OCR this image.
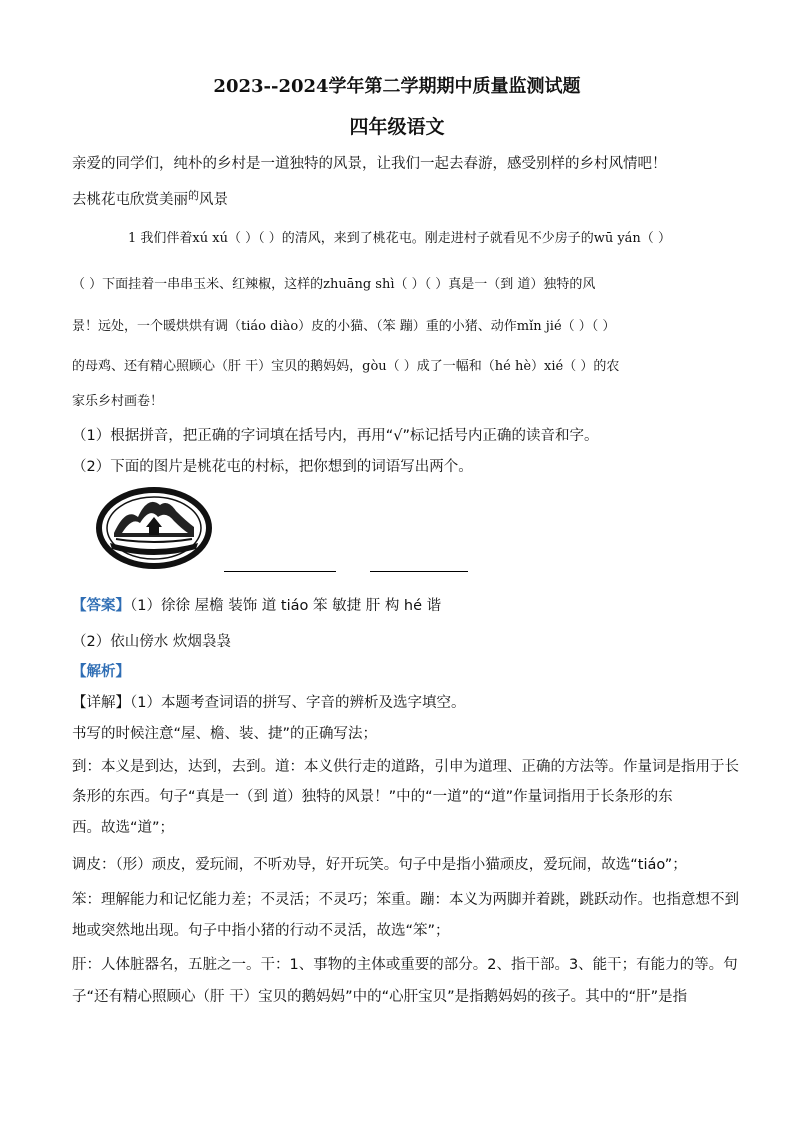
2023--2024学年第二学期期中质量监测试题
四年级语文

亲爱的同学们，纯朴的乡村是一道独特的风景，让我们一起去春游，感受别样的乡村风情吧！

去桃花屯欣赏美丽$^的$风景

1 我们伴着xú xú（ ）（ ）的清风，来到了桃花屯。刚走进村子就看见不少房子的wū yán（ ）

（ ）下面挂着一串串玉米、红辣椒，这样的zhuāng shì（ ）（ ）真是一（到 道）独特的风

景！远处，一个暖烘烘有调（tiáo diào）皮的小猫、（笨 蹦）重的小猪、动作mǐn jié（ ）（ ）

的母鸡、还有精心照顾心（肝 干）宝贝的鹅妈妈，gòu（ ）成了一幅和（hé hè）xié（ ）的农

家乐乡村画卷！

（1）根据拼音，把正确的字词填在括号内，再用“√”标记括号内正确的读音和字。

（2）下面的图片是桃花屯的村标，把你想到的词语写出两个。

【答案】（1）徐徐 屋檐 装饰 道 tiáo 笨 敏捷 肝 构 hé 谐

（2）依山傍水 炊烟袅袅

【解析】

【详解】（1）本题考查词语的拼写、字音的辨析及选字填空。

书写的时候注意“屋、檐、装、捷”的正确写法；

到：本义是到达，达到，去到。道：本义供行走的道路，引申为道理、正确的方法等。作量词是指用于长

条形的东西。句子“真是一（到 道）独特的风景！”中的“一道”的“道”作量词指用于长条形的东

西。故选“道”；

调皮：（形）顽皮，爱玩闹，不听劝导，好开玩笑。句子中是指小猫顽皮，爱玩闹，故选“tiáo”；

笨：理解能力和记忆能力差；不灵活；不灵巧；笨重。蹦：本义为两脚并着跳，跳跃动作。也指意想不到

地或突然地出现。句子中指小猪的行动不灵活，故选“笨”；

肝：人体脏器名，五脏之一。干：1、事物的主体或重要的部分。2、指干部。3、能干；有能力的等。句

子“还有精心照顾心（肝 干）宝贝的鹅妈妈”中的“心肝宝贝”是指鹅妈妈的孩子。其中的“肝”是指
